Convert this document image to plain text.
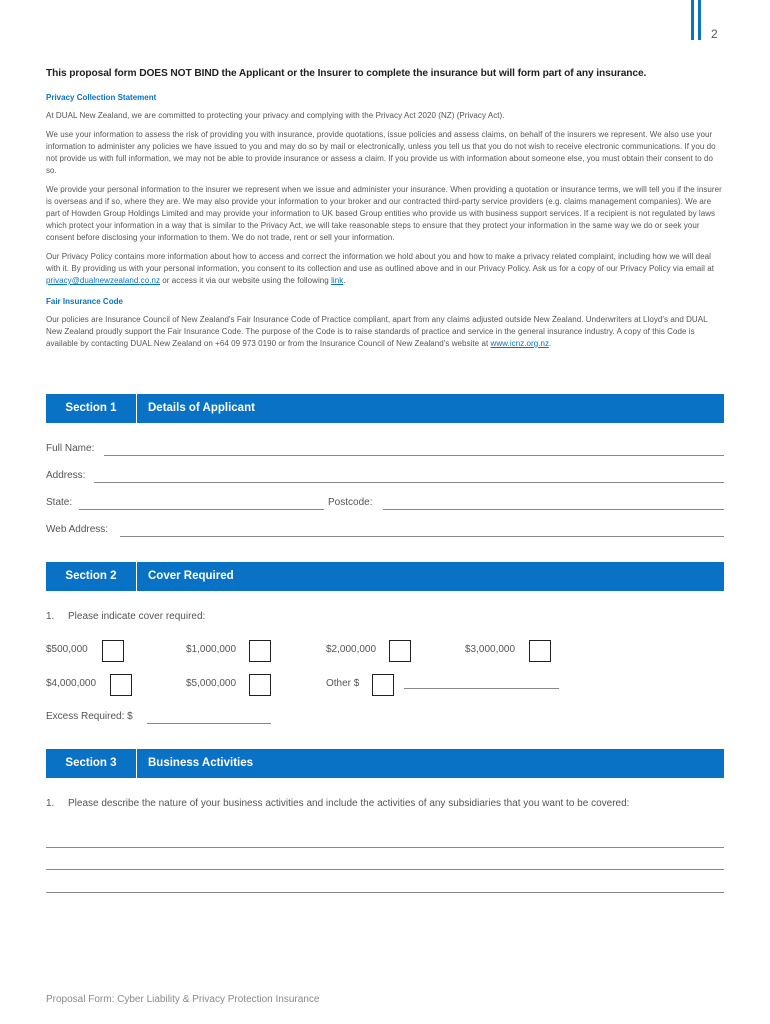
2
This proposal form DOES NOT BIND the Applicant or the Insurer to complete the insurance but will form part of any insurance.
Privacy Collection Statement

At DUAL New Zealand, we are committed to protecting your privacy and complying with the Privacy Act 2020 (NZ) (Privacy Act).

We use your information to assess the risk of providing you with insurance, provide quotations, issue policies and assess claims, on behalf of the insurers we represent. We also use your information to administer any policies we have issued to you and may do so by mail or electronically, unless you tell us that you do not wish to receive electronic communications. If you do not provide us with full information, we may not be able to provide insurance or assess a claim. If you provide us with information about someone else, you must obtain their consent to do so.

We provide your personal information to the insurer we represent when we issue and administer your insurance. When providing a quotation or insurance terms, we will tell you if the insurer is overseas and if so, where they are. We may also provide your information to your broker and our contracted third-party service providers (e.g. claims management companies). We are part of Howden Group Holdings Limited and may provide your information to UK based Group entities who provide us with business support services. If a recipient is not regulated by laws which protect your information in a way that is similar to the Privacy Act, we will take reasonable steps to ensure that they protect your information in the same way we do or seek your consent before disclosing your information to them. We do not trade, rent or sell your information.

Our Privacy Policy contains more information about how to access and correct the information we hold about you and how to make a privacy related complaint, including how we will deal with it. By providing us with your personal information, you consent to its collection and use as outlined above and in our Privacy Policy. Ask us for a copy of our Privacy Policy via email at privacy@dualnewzealand.co.nz or access it via our website using the following link.

Fair Insurance Code

Our policies are Insurance Council of New Zealand's Fair Insurance Code of Practice compliant, apart from any claims adjusted outside New Zealand. Underwriters at Lloyd's and DUAL New Zealand proudly support the Fair Insurance Code. The purpose of the Code is to raise standards of practice and service in the general insurance industry. A copy of this Code is available by contacting DUAL New Zealand on +64 09 973 0190 or from the Insurance Council of New Zealand's website at www.icnz.org.nz.

Section 1	Details of Applicant
Full Name:
Address:
State:	Postcode:
Web Address:
Section 2	Cover Required
1. Please indicate cover required:
$500,000	$1,000,000	$2,000,000	$3,000,000
$4,000,000	$5,000,000	Other $
Excess Required: $
Section 3	Business Activities
1. Please describe the nature of your business activities and include the activities of any subsidiaries that you want to be covered:
Proposal Form: Cyber Liability & Privacy Protection Insurance
